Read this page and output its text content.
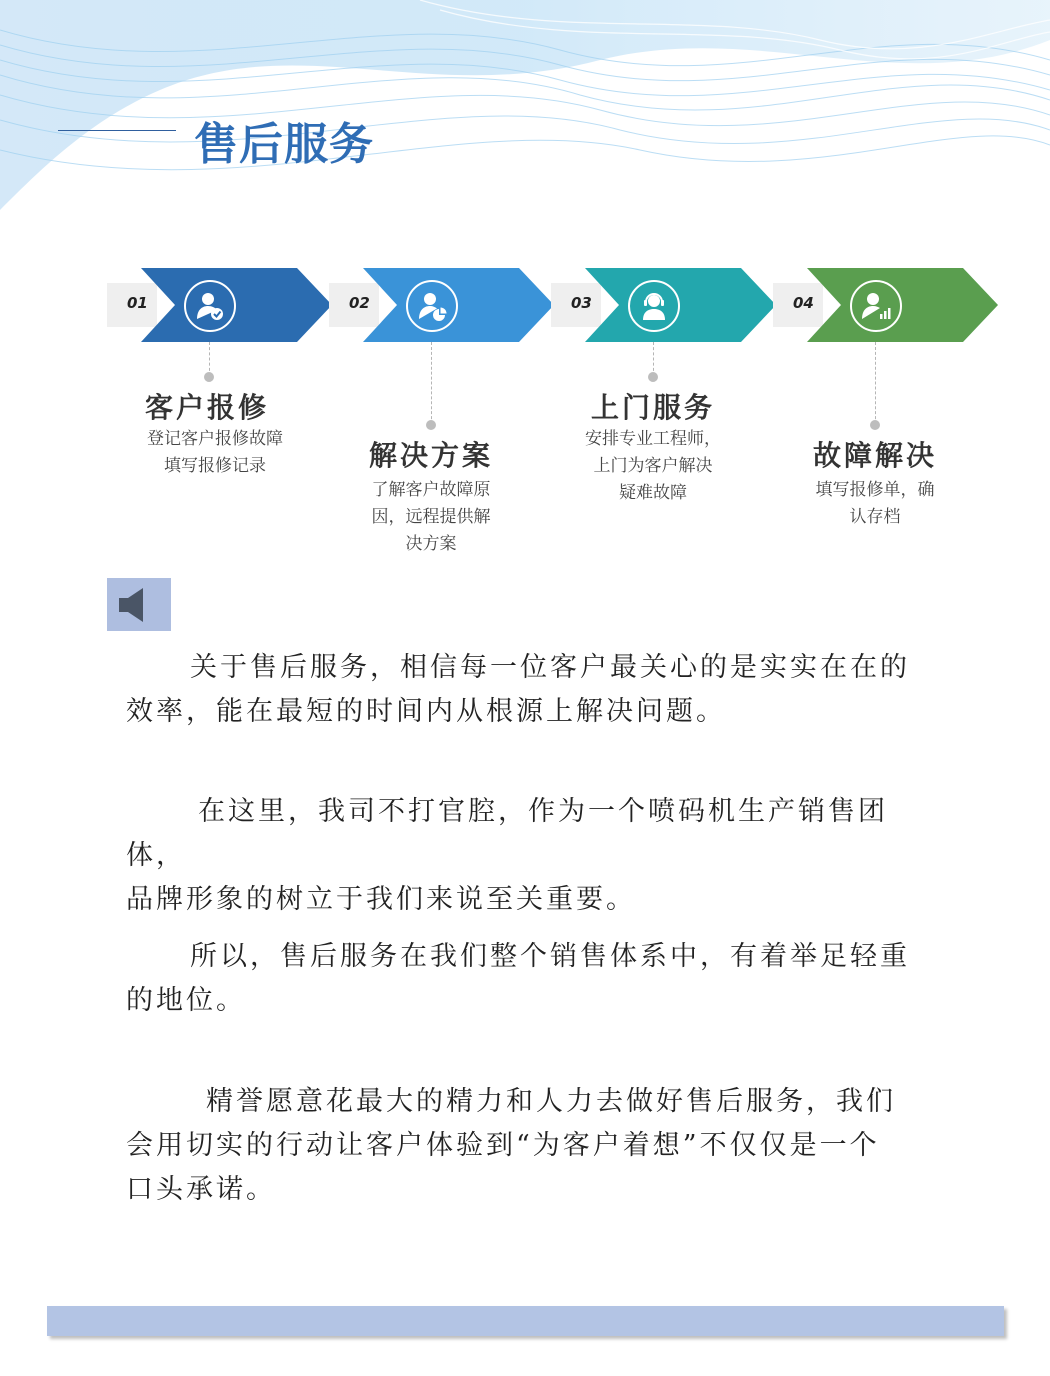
售后服务
01
客户报修

登记客户报修故障
填写报修记录

02
解决方案

了解客户故障原
因，远程提供解
决方案

03
上门服务

安排专业工程师，
上门为客户解决
疑难故障

04
故障解决

填写报修单，确
认存档

关于售后服务，相信每一位客户最关心的是实实在在的
效率，能在最短的时间内从根源上解决问题。

在这里，我司不打官腔，作为一个喷码机生产销售团体，
品牌形象的树立于我们来说至关重要。

所以，售后服务在我们整个销售体系中，有着举足轻重
的地位。

精誉愿意花最大的精力和人力去做好售后服务，我们
会用切实的行动让客户体验到“为客户着想”不仅仅是一个
口头承诺。
